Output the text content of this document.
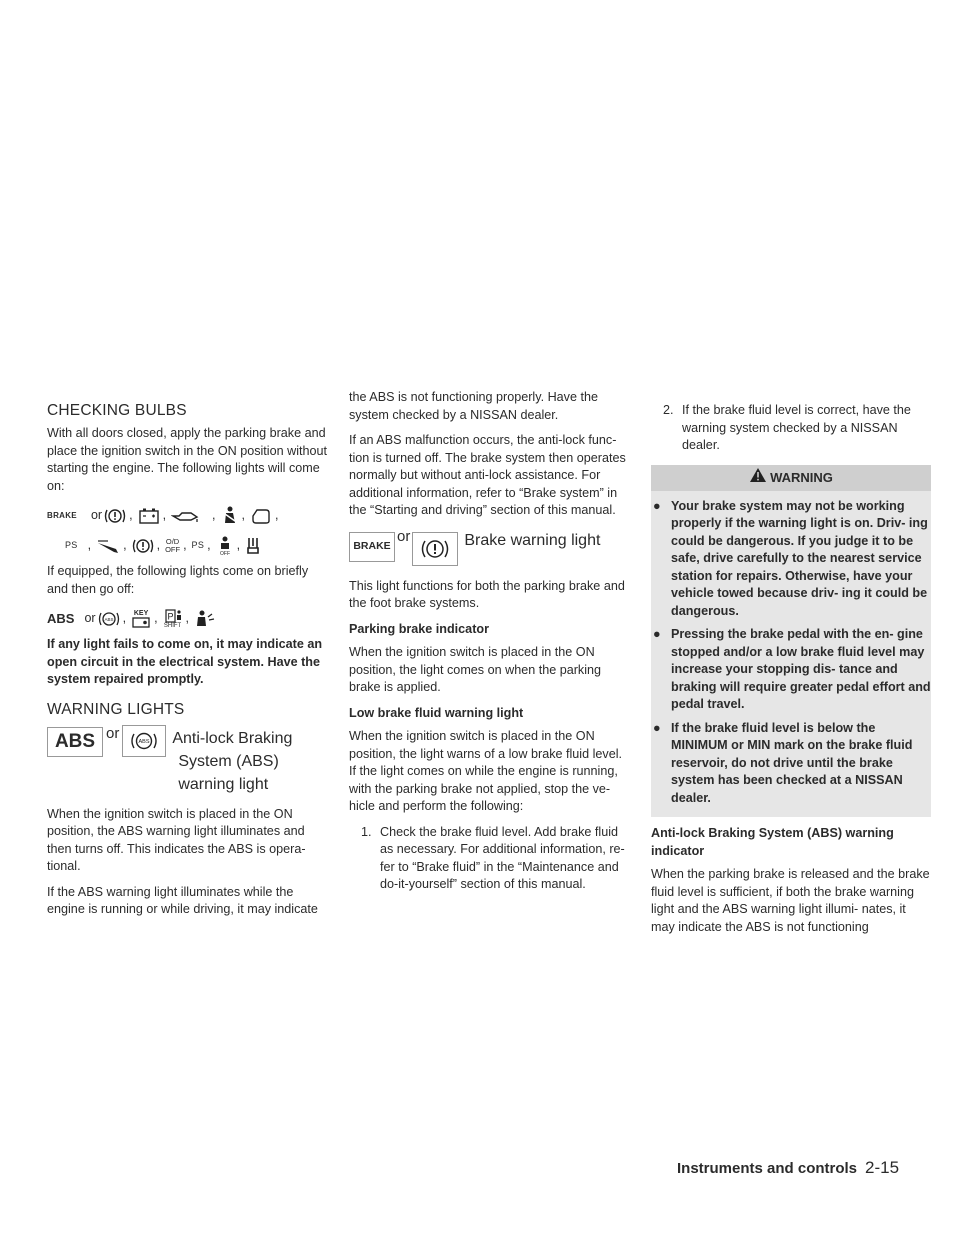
CHECKING BULBS

With all doors closed, apply the parking brake and place the ignition switch in the ON position without starting the engine. The following lights will come on:

BRAKE or , ,	, , ,
PS ,	, , O/D
OFF , PS ,
OFF
,

If equipped, the following lights come on briefly and then go off:

ABS or ABS , KEY , P
SHIFT
,

If any light fails to come on, it may indicate an open circuit in the electrical system. Have the system repaired promptly.

WARNING LIGHTS
ABS or	ABS Anti-lock Braking
System (ABS)
warning light

When the ignition switch is placed in the ON position, the ABS warning light illuminates and then turns off. This indicates the ABS is opera- tional.

If the ABS warning light illuminates while the engine is running or while driving, it may indicate

the ABS is not functioning properly. Have the system checked by a NISSAN dealer.

If an ABS malfunction occurs, the anti-lock func- tion is turned off. The brake system then operates normally but without anti-lock assistance. For additional information, refer to “Brake system” in the “Starting and driving” section of this manual.

BRAKE
or	Brake warning light

This light functions for both the parking brake and the foot brake systems.

Parking brake indicator

When the ignition switch is placed in the ON position, the light comes on when the parking brake is applied.

Low brake fluid warning light

When the ignition switch is placed in the ON position, the light warns of a low brake fluid level. If the light comes on while the engine is running, with the parking brake not applied, stop the ve- hicle and perform the following:

1. Check the brake fluid level. Add brake fluid as necessary. For additional information, re- fer to “Brake fluid” in the “Maintenance and do-it-yourself” section of this manual.
2. If the brake fluid level is correct, have the warning system checked by a NISSAN dealer.
WARNING
● Your brake system may not be working properly if the warning light is on. Driv- ing could be dangerous. If you judge it to be safe, drive carefully to the nearest service station for repairs. Otherwise, have your vehicle towed because driv- ing it could be dangerous.
● Pressing the brake pedal with the en- gine stopped and/or a low brake fluid level may increase your stopping dis- tance and braking will require greater pedal effort and pedal travel.
● If the brake fluid level is below the MINIMUM or MIN mark on the brake fluid reservoir, do not drive until the brake system has been checked at a NISSAN dealer.

Anti-lock Braking System (ABS) warning indicator

When the parking brake is released and the brake fluid level is sufficient, if both the brake warning light and the ABS warning light illumi- nates, it may indicate the ABS is not functioning

Instruments and controls 2-15
